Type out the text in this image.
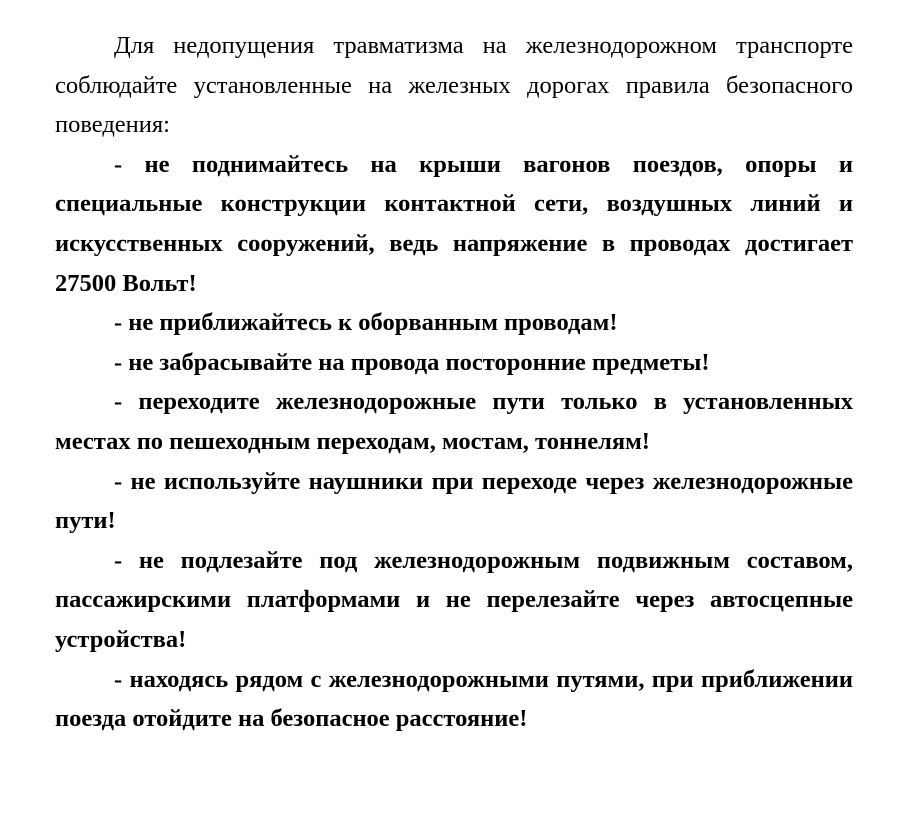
Для недопущения травматизма на железнодорожном транспорте соблюдайте установленные на железных дорогах правила безопасного поведения:

- не поднимайтесь на крыши вагонов поездов, опоры и специальные конструкции контактной сети, воздушных линий и искусственных сооружений, ведь напряжение в проводах достигает 27500 Вольт!

- не приближайтесь к оборванным проводам!

- не забрасывайте на провода посторонние предметы!

- переходите железнодорожные пути только в установленных местах по пешеходным переходам, мостам, тоннелям!

- не используйте наушники при переходе через железнодорожные пути!

- не подлезайте под железнодорожным подвижным составом, пассажирскими платформами и не перелезайте через автосцепные устройства!

- находясь рядом с железнодорожными путями, при приближении поезда отойдите на безопасное расстояние!
